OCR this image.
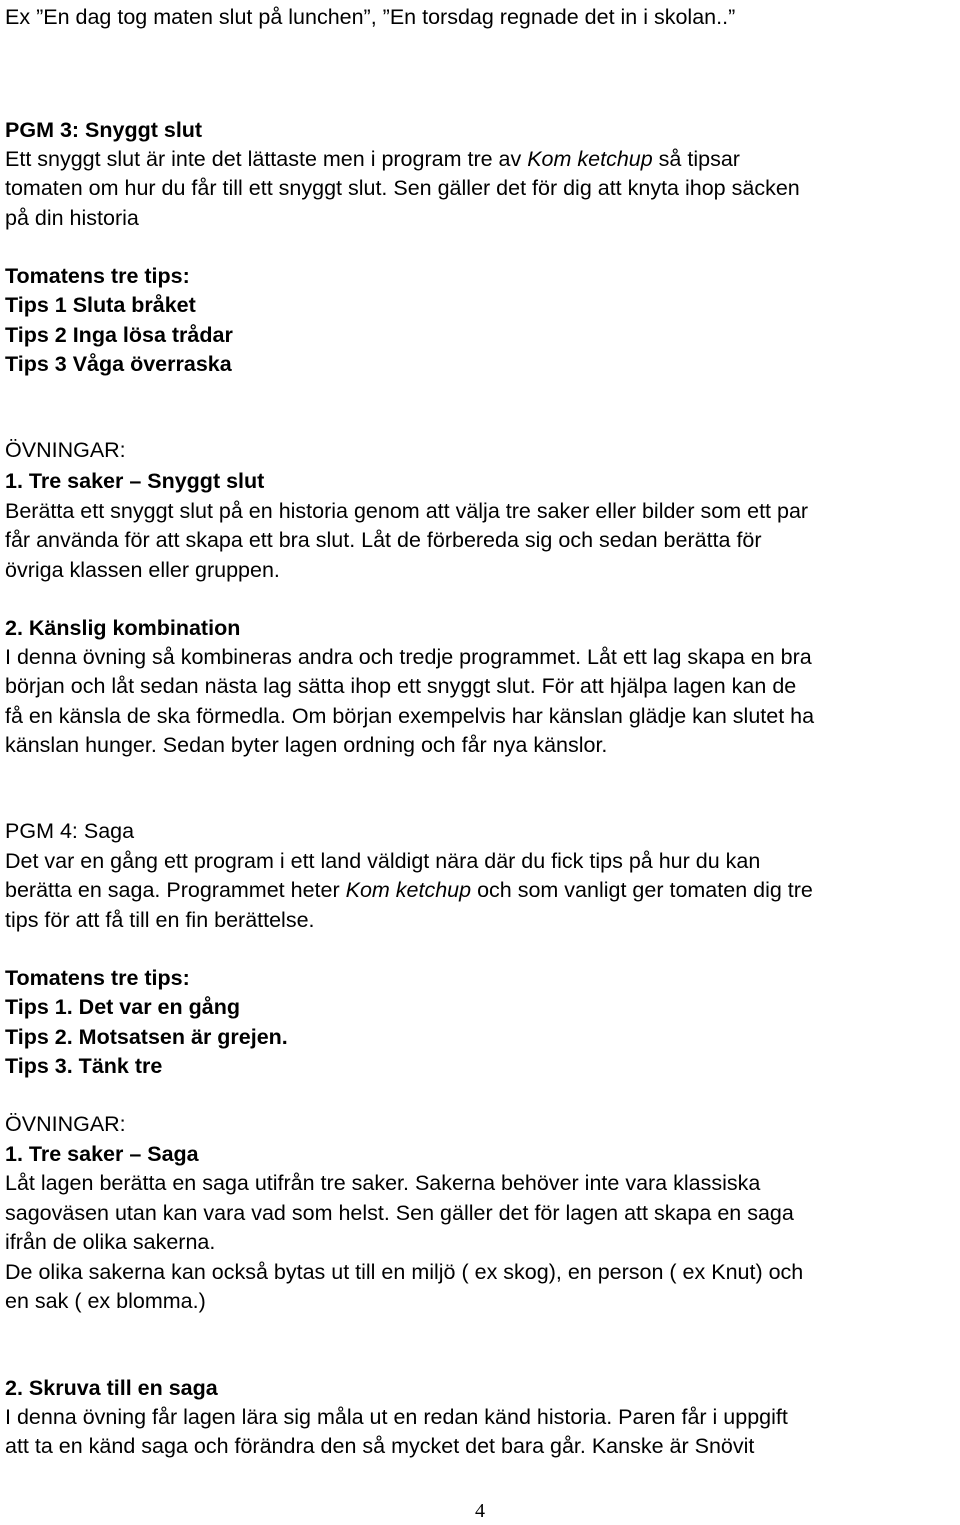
Ex ”En dag tog maten slut på lunchen”, ”En torsdag regnade det in i skolan..”

PGM 3: Snyggt slut

Ett snyggt slut är inte det lättaste men i program tre av Kom ketchup så tipsar

tomaten om hur du får till ett snyggt slut. Sen gäller det för dig att knyta ihop säcken

på din historia

Tomatens tre tips:

Tips 1 Sluta bråket

Tips 2 Inga lösa trådar

Tips 3 Våga överraska

ÖVNINGAR:

1. Tre saker – Snyggt slut

Berätta ett snyggt slut på en historia genom att välja tre saker eller bilder som ett par

får använda för att skapa ett bra slut. Låt de förbereda sig och sedan berätta för

övriga klassen eller gruppen.

2. Känslig kombination

I denna övning så kombineras andra och tredje programmet. Låt ett lag skapa en bra

början och låt sedan nästa lag sätta ihop ett snyggt slut. För att hjälpa lagen kan de

få en känsla de ska förmedla. Om början exempelvis har känslan glädje kan slutet ha

känslan hunger. Sedan byter lagen ordning och får nya känslor.

PGM 4: Saga

Det var en gång ett program i ett land väldigt nära där du fick tips på hur du kan

berätta en saga. Programmet heter Kom ketchup och som vanligt ger tomaten dig tre

tips för att få till en fin berättelse.

Tomatens tre tips:

Tips 1. Det var en gång

Tips 2. Motsatsen är grejen.

Tips 3. Tänk tre

ÖVNINGAR:

1. Tre saker – Saga

Låt lagen berätta en saga utifrån tre saker. Sakerna behöver inte vara klassiska

sagoväsen utan kan vara vad som helst. Sen gäller det för lagen att skapa en saga

ifrån de olika sakerna.

De olika sakerna kan också bytas ut till en miljö ( ex skog), en person ( ex Knut) och

en sak ( ex blomma.)

2. Skruva till en saga

I denna övning får lagen lära sig måla ut en redan känd historia. Paren får i uppgift

att ta en känd saga och förändra den så mycket det bara går. Kanske är Snövit

4
